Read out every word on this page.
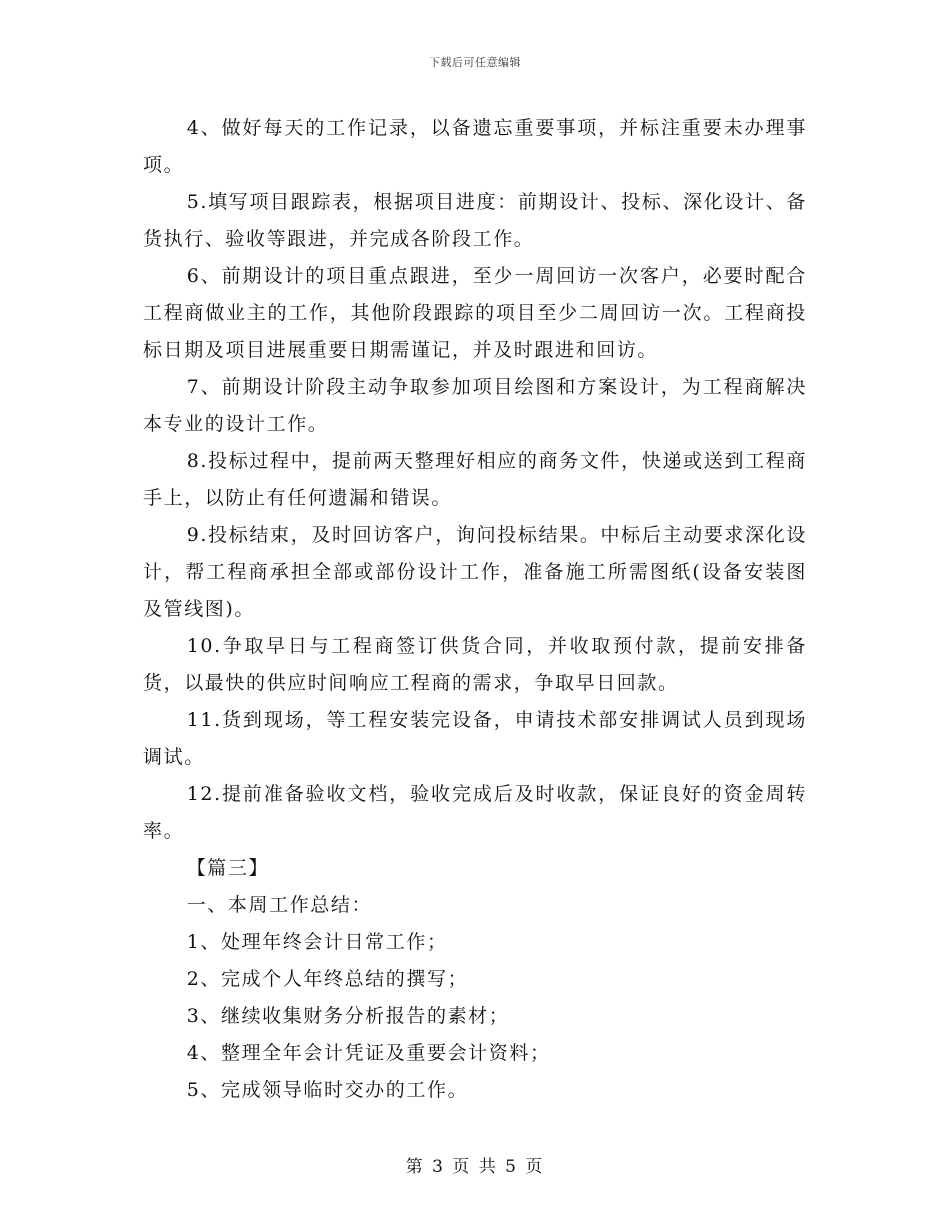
下载后可任意编辑

4、做好每天的工作记录，以备遗忘重要事项，并标注重要未办理事项。

5.填写项目跟踪表，根据项目进度：前期设计、投标、深化设计、备货执行、验收等跟进，并完成各阶段工作。

6、前期设计的项目重点跟进，至少一周回访一次客户，必要时配合工程商做业主的工作，其他阶段跟踪的项目至少二周回访一次。工程商投标日期及项目进展重要日期需谨记，并及时跟进和回访。

7、前期设计阶段主动争取参加项目绘图和方案设计，为工程商解决本专业的设计工作。

8.投标过程中，提前两天整理好相应的商务文件，快递或送到工程商手上，以防止有任何遗漏和错误。

9.投标结束，及时回访客户，询问投标结果。中标后主动要求深化设计，帮工程商承担全部或部份设计工作，准备施工所需图纸(设备安装图及管线图)。

10.争取早日与工程商签订供货合同，并收取预付款，提前安排备货，以最快的供应时间响应工程商的需求，争取早日回款。

11.货到现场，等工程安装完设备，申请技术部安排调试人员到现场调试。

12.提前准备验收文档，验收完成后及时收款，保证良好的资金周转率。

【篇三】

一、本周工作总结：

1、处理年终会计日常工作；

2、完成个人年终总结的撰写；

3、继续收集财务分析报告的素材；

4、整理全年会计凭证及重要会计资料；

5、完成领导临时交办的工作。

第 3 页 共 5 页
